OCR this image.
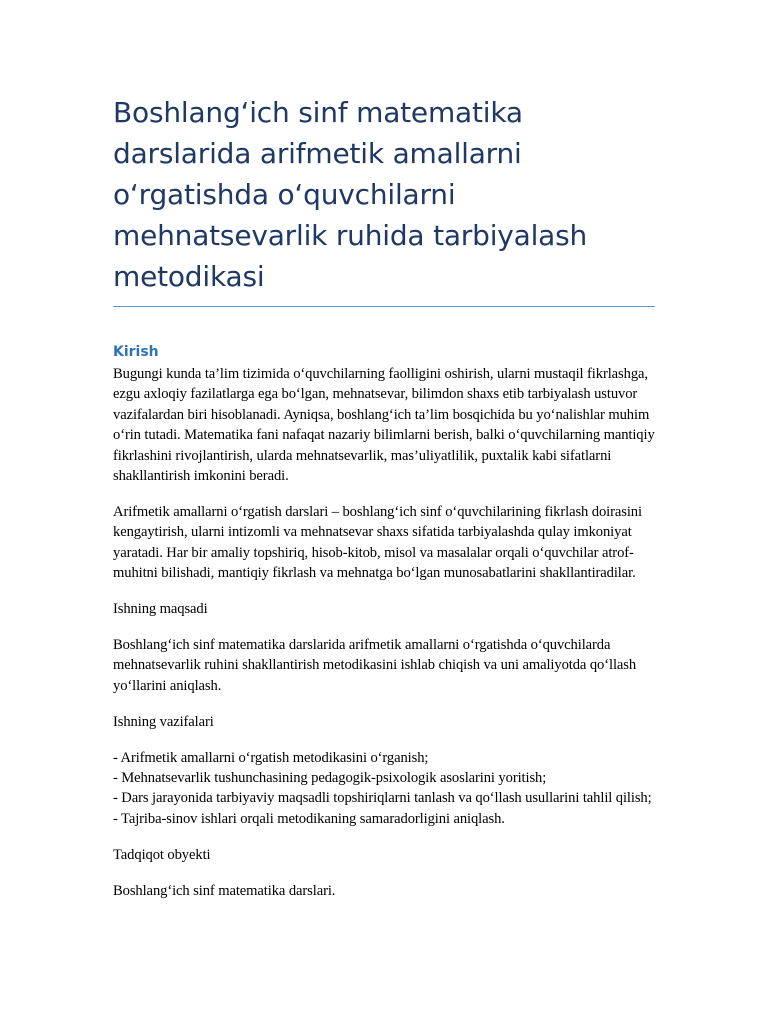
Boshlang‘ich sinf matematika darslarida arifmetik amallarni o‘rgatishda o‘quvchilarni mehnatsevarlik ruhida tarbiyalash metodikasi
Kirish

Bugungi kunda ta’lim tizimida o‘quvchilarning faolligini oshirish, ularni mustaqil fikrlashga, ezgu axloqiy fazilatlarga ega bo‘lgan, mehnatsevar, bilimdon shaxs etib tarbiyalash ustuvor vazifalardan biri hisoblanadi. Ayniqsa, boshlang‘ich ta’lim bosqichida bu yo‘nalishlar muhim o‘rin tutadi. Matematika fani nafaqat nazariy bilimlarni berish, balki o‘quvchilarning mantiqiy fikrlashini rivojlantirish, ularda mehnatsevarlik, mas’uliyatlilik, puxtalik kabi sifatlarni shakllantirish imkonini beradi.

Arifmetik amallarni o‘rgatish darslari – boshlang‘ich sinf o‘quvchilarining fikrlash doirasini kengaytirish, ularni intizomli va mehnatsevar shaxs sifatida tarbiyalashda qulay imkoniyat yaratadi. Har bir amaliy topshiriq, hisob-kitob, misol va masalalar orqali o‘quvchilar atrof-muhitni bilishadi, mantiqiy fikrlash va mehnatga bo‘lgan munosabatlarini shakllantiradilar.

Ishning maqsadi

Boshlang‘ich sinf matematika darslarida arifmetik amallarni o‘rgatishda o‘quvchilarda mehnatsevarlik ruhini shakllantirish metodikasini ishlab chiqish va uni amaliyotda qo‘llash yo‘llarini aniqlash.

Ishning vazifalari

- Arifmetik amallarni o‘rgatish metodikasini o‘rganish;
- Mehnatsevarlik tushunchasining pedagogik-psixologik asoslarini yoritish;
- Dars jarayonida tarbiyaviy maqsadli topshiriqlarni tanlash va qo‘llash usullarini tahlil qilish;
- Tajriba-sinov ishlari orqali metodikaning samaradorligini aniqlash.

Tadqiqot obyekti

Boshlang‘ich sinf matematika darslari.
